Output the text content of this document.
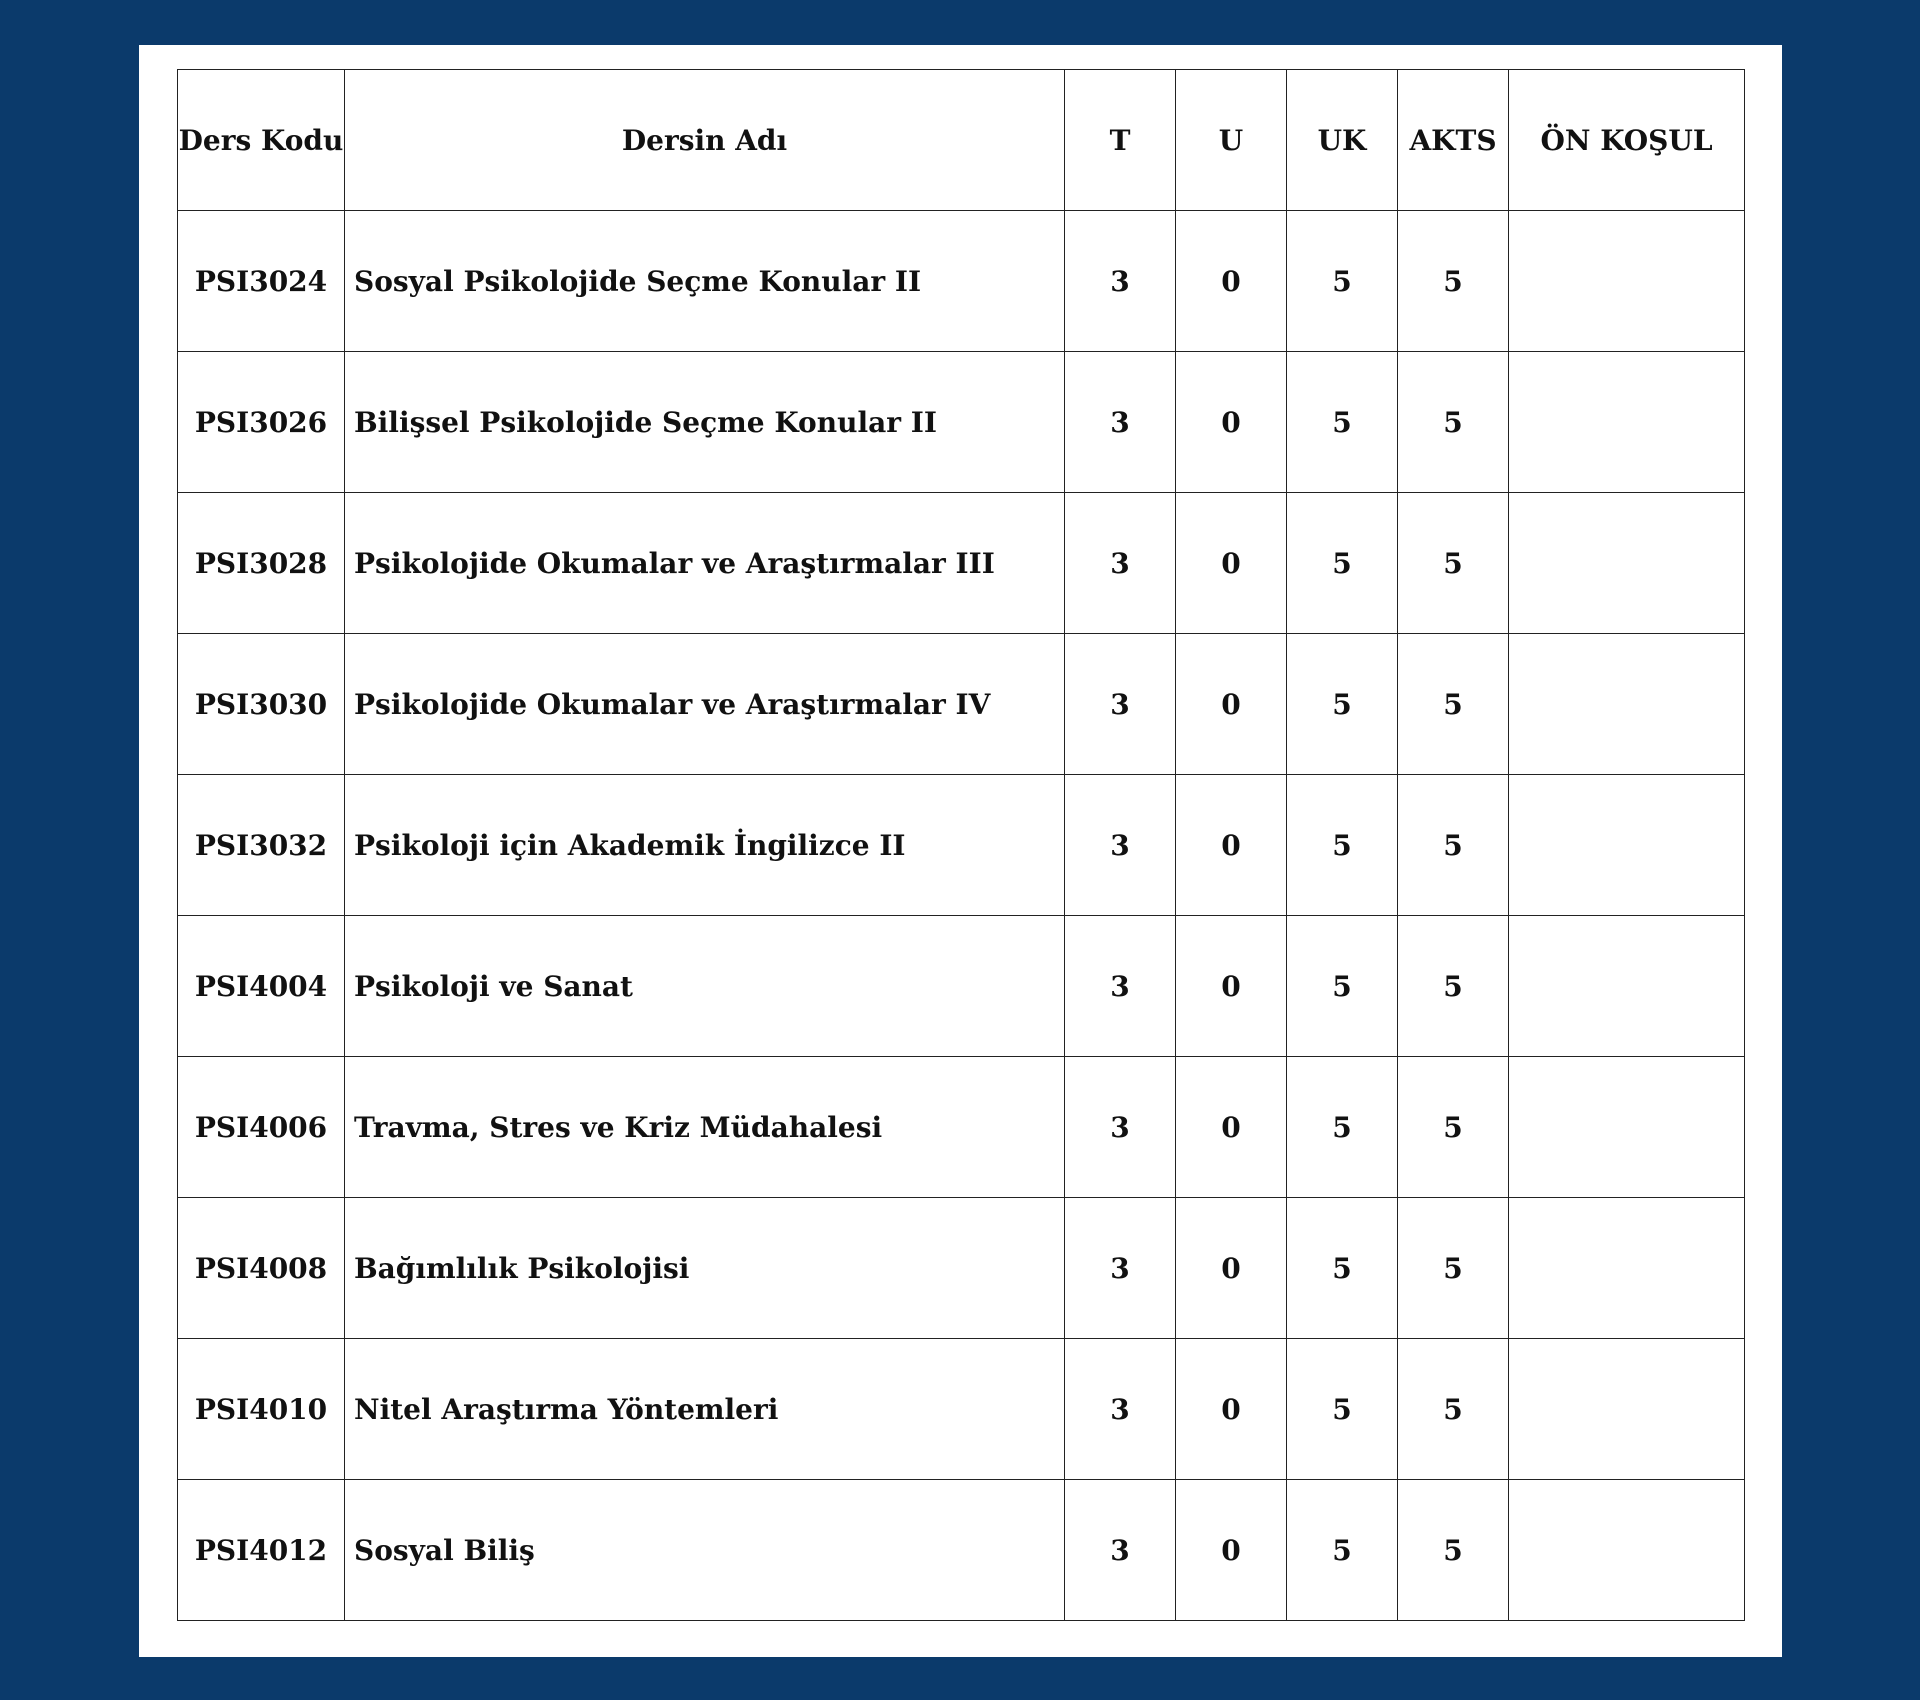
Ders Kodu	Dersin Adı	T	U	UK	AKTS	ÖN KOŞUL
PSI3024	Sosyal Psikolojide Seçme Konular II	3	0	5	5	
PSI3026	Bilişsel Psikolojide Seçme Konular II	3	0	5	5	
PSI3028	Psikolojide Okumalar ve Araştırmalar III	3	0	5	5	
PSI3030	Psikolojide Okumalar ve Araştırmalar IV	3	0	5	5	
PSI3032	Psikoloji için Akademik İngilizce II	3	0	5	5	
PSI4004	Psikoloji ve Sanat	3	0	5	5	
PSI4006	Travma, Stres ve Kriz Müdahalesi	3	0	5	5	
PSI4008	Bağımlılık Psikolojisi	3	0	5	5	
PSI4010	Nitel Araştırma Yöntemleri	3	0	5	5	
PSI4012	Sosyal Biliş	3	0	5	5	
